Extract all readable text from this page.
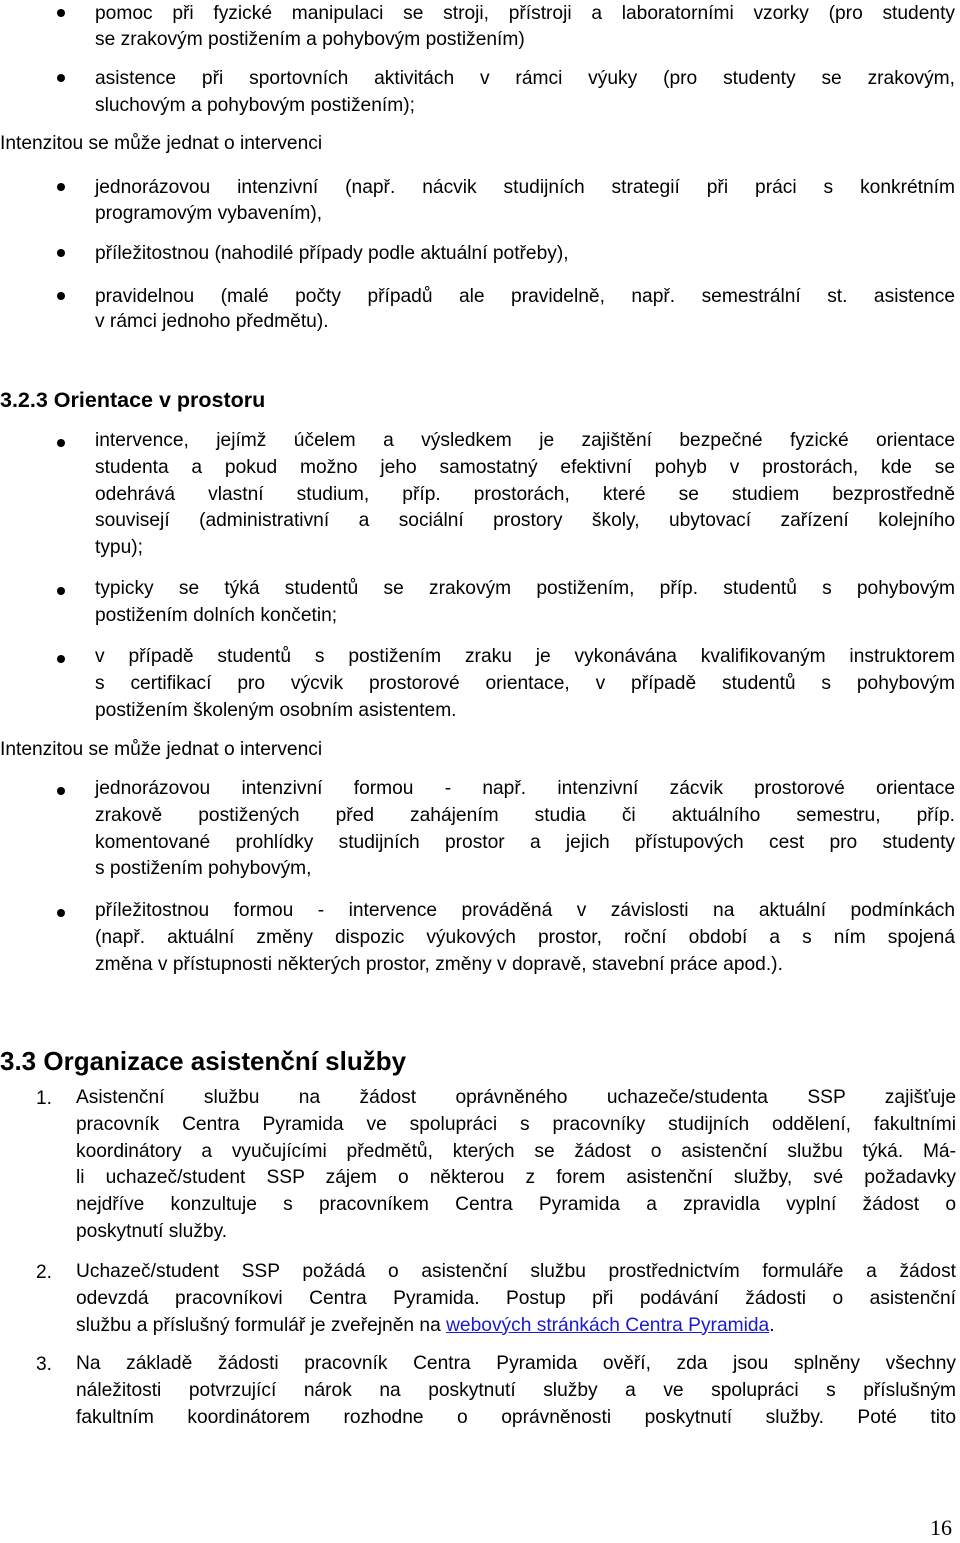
pomoc při fyzické manipulaci se stroji, přístroji a laboratorními vzorky (pro studenty
se zrakovým postižením a pohybovým postižením)
asistence při sportovních aktivitách v rámci výuky (pro studenty se zrakovým,
sluchovým a pohybovým postižením);
Intenzitou se může jednat o intervenci
jednorázovou intenzivní (např. nácvik studijních strategií při práci s konkrétním
programovým vybavením),
příležitostnou (nahodilé případy podle aktuální potřeby),
pravidelnou (malé počty případů ale pravidelně, např. semestrální st. asistence
v rámci jednoho předmětu).
3.2.3 Orientace v prostoru
intervence, jejímž účelem a výsledkem je zajištění bezpečné fyzické orientace
studenta a pokud možno jeho samostatný efektivní pohyb v prostorách, kde se
odehrává vlastní studium, příp. prostorách, které se studiem bezprostředně
souvisejí (administrativní a sociální prostory školy, ubytovací zařízení kolejního
typu);
typicky se týká studentů se zrakovým postižením, příp. studentů s pohybovým
postižením dolních končetin;
v případě studentů s postižením zraku je vykonávána kvalifikovaným instruktorem
s certifikací pro výcvik prostorové orientace, v případě studentů s pohybovým
postižením školeným osobním asistentem.
Intenzitou se může jednat o intervenci
jednorázovou intenzivní formou - např. intenzivní zácvik prostorové orientace
zrakově postižených před zahájením studia či aktuálního semestru, příp.
komentované prohlídky studijních prostor a jejich přístupových cest pro studenty
s postižením pohybovým,
příležitostnou formou - intervence prováděná v závislosti na aktuální podmínkách
(např. aktuální změny dispozic výukových prostor, roční období a s ním spojená
změna v přístupnosti některých prostor, změny v dopravě, stavební práce apod.).
3.3 Organizace asistenční služby
1. Asistenční službu na žádost oprávněného uchazeče/studenta SSP zajišťuje
pracovník Centra Pyramida ve spolupráci s pracovníky studijních oddělení, fakultními
koordinátory a vyučujícími předmětů, kterých se žádost o asistenční službu týká. Má-
li uchazeč/student SSP zájem o některou z forem asistenční služby, své požadavky
nejdříve konzultuje s pracovníkem Centra Pyramida a zpravidla vyplní žádost o
poskytnutí služby.
2. Uchazeč/student SSP požádá o asistenční službu prostřednictvím formuláře a žádost
odevzdá pracovníkovi Centra Pyramida. Postup při podávání žádosti o asistenční
službu a příslušný formulář je zveřejněn na webových stránkách Centra Pyramida.
3. Na základě žádosti pracovník Centra Pyramida ověří, zda jsou splněny všechny
náležitosti potvrzující nárok na poskytnutí služby a ve spolupráci s příslušným
fakultním koordinátorem rozhodne o oprávněnosti poskytnutí služby. Poté tito
16
